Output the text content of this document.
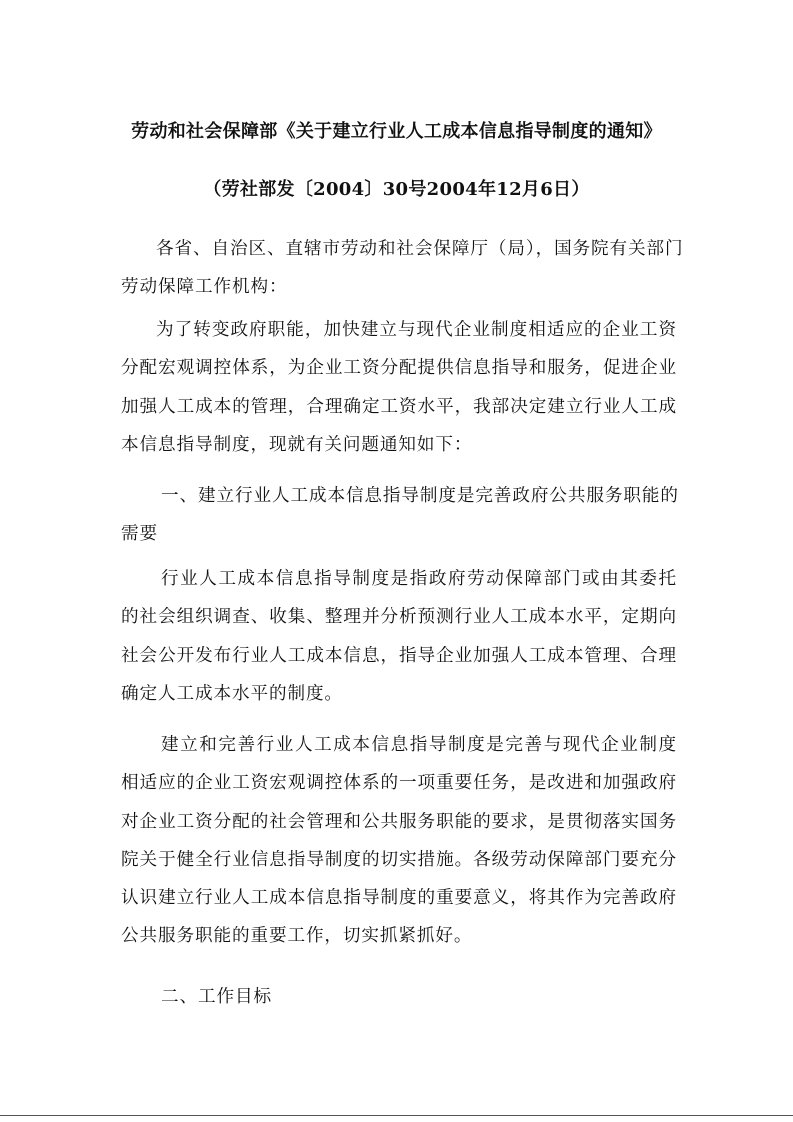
劳动和社会保障部《关于建立行业人工成本信息指导制度的通知》
（劳社部发〔2004〕30号2004年12月6日）
各省、自治区、直辖市劳动和社会保障厅（局），国务院有关部门
劳动保障工作机构：
为了转变政府职能，加快建立与现代企业制度相适应的企业工资
分配宏观调控体系，为企业工资分配提供信息指导和服务，促进企业
加强人工成本的管理，合理确定工资水平，我部决定建立行业人工成
本信息指导制度，现就有关问题通知如下：
一、建立行业人工成本信息指导制度是完善政府公共服务职能的
需要
行业人工成本信息指导制度是指政府劳动保障部门或由其委托
的社会组织调查、收集、整理并分析预测行业人工成本水平，定期向
社会公开发布行业人工成本信息，指导企业加强人工成本管理、合理
确定人工成本水平的制度。
建立和完善行业人工成本信息指导制度是完善与现代企业制度
相适应的企业工资宏观调控体系的一项重要任务，是改进和加强政府
对企业工资分配的社会管理和公共服务职能的要求，是贯彻落实国务
院关于健全行业信息指导制度的切实措施。各级劳动保障部门要充分
认识建立行业人工成本信息指导制度的重要意义，将其作为完善政府
公共服务职能的重要工作，切实抓紧抓好。
二、工作目标
